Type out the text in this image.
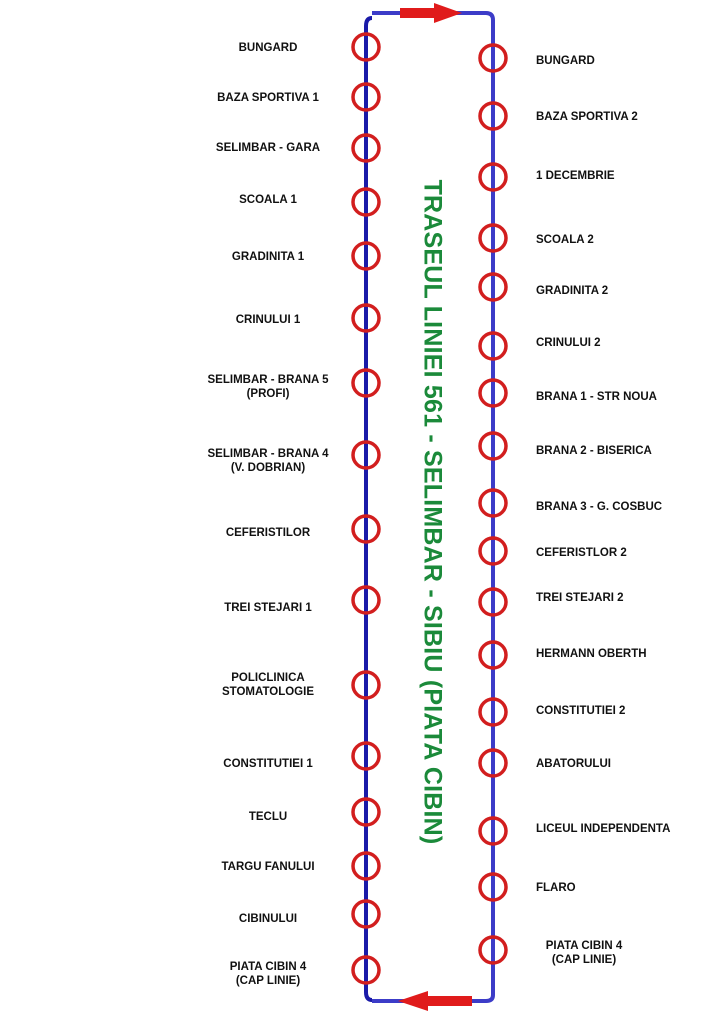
BUNGARD
BAZA SPORTIVA 1
SELIMBAR - GARA
SCOALA 1
GRADINITA 1
CRINULUI 1
SELIMBAR - BRANA 5
(PROFI)
SELIMBAR - BRANA 4
(V. DOBRIAN)
CEFERISTILOR
TREI STEJARI 1
POLICLINICA
STOMATOLOGIE
CONSTITUTIEI 1
TECLU
TARGU FANULUI
CIBINULUI
PIATA CIBIN 4
(CAP LINIE)
BUNGARD
BAZA SPORTIVA 2
1 DECEMBRIE
SCOALA 2
GRADINITA 2
CRINULUI 2
BRANA 1 - STR NOUA
BRANA 2 - BISERICA
BRANA 3 - G. COSBUC
CEFERISTLOR 2
TREI STEJARI 2
HERMANN OBERTH
CONSTITUTIEI 2
ABATORULUI
LICEUL INDEPENDENTA
FLARO
PIATA CIBIN 4
(CAP LINIE)
TRASEUL LINIEI 561 - SELIMBAR - SIBIU (PIATA CIBIN)
